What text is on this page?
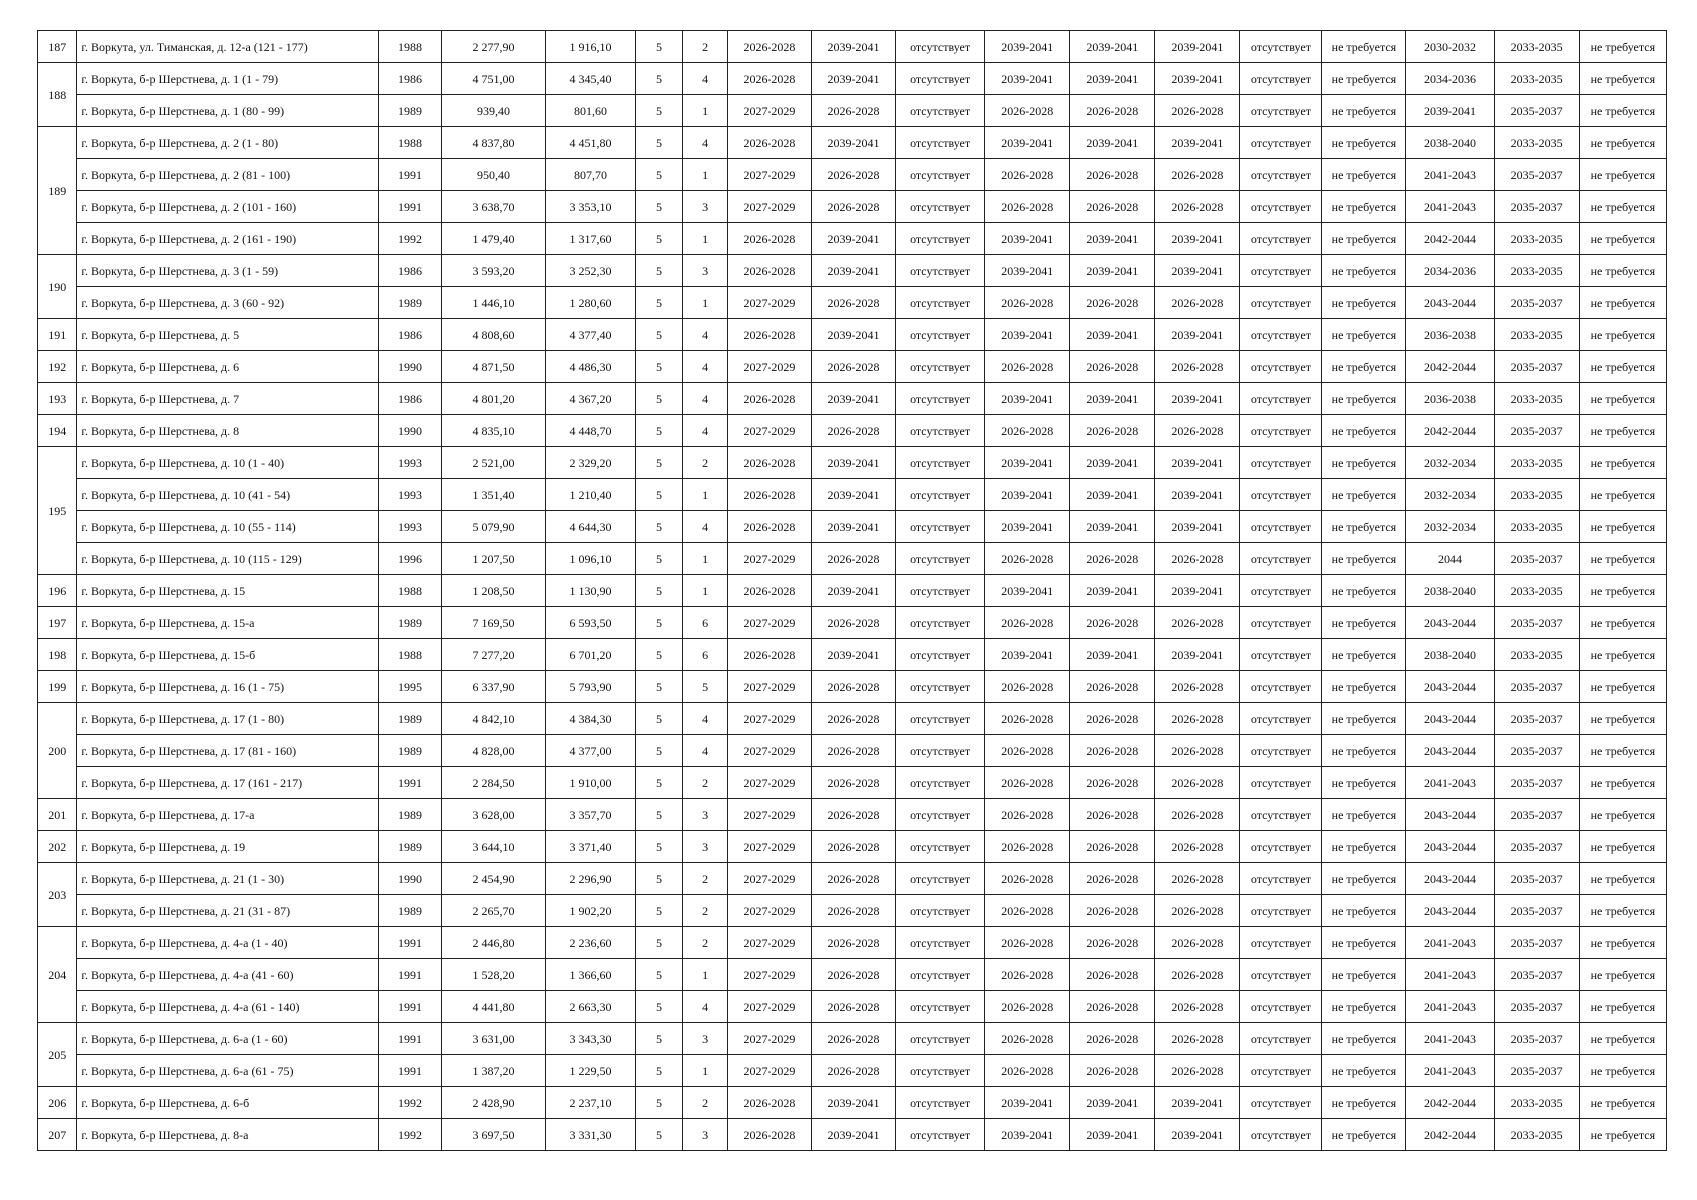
187	г. Воркута, ул. Тиманская, д. 12-а (121 - 177)	1988	2 277,90	1 916,10	5	2	2026-2028	2039-2041	отсутствует	2039-2041	2039-2041	2039-2041	отсутствует	не требуется	2030-2032	2033-2035	не требуется
188	г. Воркута, б-р Шерстнева, д. 1 (1 - 79)	1986	4 751,00	4 345,40	5	4	2026-2028	2039-2041	отсутствует	2039-2041	2039-2041	2039-2041	отсутствует	не требуется	2034-2036	2033-2035	не требуется
	г. Воркута, б-р Шерстнева, д. 1 (80 - 99)	1989	939,40	801,60	5	1	2027-2029	2026-2028	отсутствует	2026-2028	2026-2028	2026-2028	отсутствует	не требуется	2039-2041	2035-2037	не требуется
189	г. Воркута, б-р Шерстнева, д. 2 (1 - 80)	1988	4 837,80	4 451,80	5	4	2026-2028	2039-2041	отсутствует	2039-2041	2039-2041	2039-2041	отсутствует	не требуется	2038-2040	2033-2035	не требуется
	г. Воркута, б-р Шерстнева, д. 2 (81 - 100)	1991	950,40	807,70	5	1	2027-2029	2026-2028	отсутствует	2026-2028	2026-2028	2026-2028	отсутствует	не требуется	2041-2043	2035-2037	не требуется
	г. Воркута, б-р Шерстнева, д. 2 (101 - 160)	1991	3 638,70	3 353,10	5	3	2027-2029	2026-2028	отсутствует	2026-2028	2026-2028	2026-2028	отсутствует	не требуется	2041-2043	2035-2037	не требуется
	г. Воркута, б-р Шерстнева, д. 2 (161 - 190)	1992	1 479,40	1 317,60	5	1	2026-2028	2039-2041	отсутствует	2039-2041	2039-2041	2039-2041	отсутствует	не требуется	2042-2044	2033-2035	не требуется
190	г. Воркута, б-р Шерстнева, д. 3 (1 - 59)	1986	3 593,20	3 252,30	5	3	2026-2028	2039-2041	отсутствует	2039-2041	2039-2041	2039-2041	отсутствует	не требуется	2034-2036	2033-2035	не требуется
	г. Воркута, б-р Шерстнева, д. 3 (60 - 92)	1989	1 446,10	1 280,60	5	1	2027-2029	2026-2028	отсутствует	2026-2028	2026-2028	2026-2028	отсутствует	не требуется	2043-2044	2035-2037	не требуется
191	г. Воркута, б-р Шерстнева, д. 5	1986	4 808,60	4 377,40	5	4	2026-2028	2039-2041	отсутствует	2039-2041	2039-2041	2039-2041	отсутствует	не требуется	2036-2038	2033-2035	не требуется
192	г. Воркута, б-р Шерстнева, д. 6	1990	4 871,50	4 486,30	5	4	2027-2029	2026-2028	отсутствует	2026-2028	2026-2028	2026-2028	отсутствует	не требуется	2042-2044	2035-2037	не требуется
193	г. Воркута, б-р Шерстнева, д. 7	1986	4 801,20	4 367,20	5	4	2026-2028	2039-2041	отсутствует	2039-2041	2039-2041	2039-2041	отсутствует	не требуется	2036-2038	2033-2035	не требуется
194	г. Воркута, б-р Шерстнева, д. 8	1990	4 835,10	4 448,70	5	4	2027-2029	2026-2028	отсутствует	2026-2028	2026-2028	2026-2028	отсутствует	не требуется	2042-2044	2035-2037	не требуется
195	г. Воркута, б-р Шерстнева, д. 10 (1 - 40)	1993	2 521,00	2 329,20	5	2	2026-2028	2039-2041	отсутствует	2039-2041	2039-2041	2039-2041	отсутствует	не требуется	2032-2034	2033-2035	не требуется
	г. Воркута, б-р Шерстнева, д. 10 (41 - 54)	1993	1 351,40	1 210,40	5	1	2026-2028	2039-2041	отсутствует	2039-2041	2039-2041	2039-2041	отсутствует	не требуется	2032-2034	2033-2035	не требуется
	г. Воркута, б-р Шерстнева, д. 10 (55 - 114)	1993	5 079,90	4 644,30	5	4	2026-2028	2039-2041	отсутствует	2039-2041	2039-2041	2039-2041	отсутствует	не требуется	2032-2034	2033-2035	не требуется
	г. Воркута, б-р Шерстнева, д. 10 (115 - 129)	1996	1 207,50	1 096,10	5	1	2027-2029	2026-2028	отсутствует	2026-2028	2026-2028	2026-2028	отсутствует	не требуется	2044	2035-2037	не требуется
196	г. Воркута, б-р Шерстнева, д. 15	1988	1 208,50	1 130,90	5	1	2026-2028	2039-2041	отсутствует	2039-2041	2039-2041	2039-2041	отсутствует	не требуется	2038-2040	2033-2035	не требуется
197	г. Воркута, б-р Шерстнева, д. 15-а	1989	7 169,50	6 593,50	5	6	2027-2029	2026-2028	отсутствует	2026-2028	2026-2028	2026-2028	отсутствует	не требуется	2043-2044	2035-2037	не требуется
198	г. Воркута, б-р Шерстнева, д. 15-б	1988	7 277,20	6 701,20	5	6	2026-2028	2039-2041	отсутствует	2039-2041	2039-2041	2039-2041	отсутствует	не требуется	2038-2040	2033-2035	не требуется
199	г. Воркута, б-р Шерстнева, д. 16 (1 - 75)	1995	6 337,90	5 793,90	5	5	2027-2029	2026-2028	отсутствует	2026-2028	2026-2028	2026-2028	отсутствует	не требуется	2043-2044	2035-2037	не требуется
200	г. Воркута, б-р Шерстнева, д. 17 (1 - 80)	1989	4 842,10	4 384,30	5	4	2027-2029	2026-2028	отсутствует	2026-2028	2026-2028	2026-2028	отсутствует	не требуется	2043-2044	2035-2037	не требуется
	г. Воркута, б-р Шерстнева, д. 17 (81 - 160)	1989	4 828,00	4 377,00	5	4	2027-2029	2026-2028	отсутствует	2026-2028	2026-2028	2026-2028	отсутствует	не требуется	2043-2044	2035-2037	не требуется
	г. Воркута, б-р Шерстнева, д. 17 (161 - 217)	1991	2 284,50	1 910,00	5	2	2027-2029	2026-2028	отсутствует	2026-2028	2026-2028	2026-2028	отсутствует	не требуется	2041-2043	2035-2037	не требуется
201	г. Воркута, б-р Шерстнева, д. 17-а	1989	3 628,00	3 357,70	5	3	2027-2029	2026-2028	отсутствует	2026-2028	2026-2028	2026-2028	отсутствует	не требуется	2043-2044	2035-2037	не требуется
202	г. Воркута, б-р Шерстнева, д. 19	1989	3 644,10	3 371,40	5	3	2027-2029	2026-2028	отсутствует	2026-2028	2026-2028	2026-2028	отсутствует	не требуется	2043-2044	2035-2037	не требуется
203	г. Воркута, б-р Шерстнева, д. 21 (1 - 30)	1990	2 454,90	2 296,90	5	2	2027-2029	2026-2028	отсутствует	2026-2028	2026-2028	2026-2028	отсутствует	не требуется	2043-2044	2035-2037	не требуется
	г. Воркута, б-р Шерстнева, д. 21 (31 - 87)	1989	2 265,70	1 902,20	5	2	2027-2029	2026-2028	отсутствует	2026-2028	2026-2028	2026-2028	отсутствует	не требуется	2043-2044	2035-2037	не требуется
204	г. Воркута, б-р Шерстнева, д. 4-а (1 - 40)	1991	2 446,80	2 236,60	5	2	2027-2029	2026-2028	отсутствует	2026-2028	2026-2028	2026-2028	отсутствует	не требуется	2041-2043	2035-2037	не требуется
	г. Воркута, б-р Шерстнева, д. 4-а (41 - 60)	1991	1 528,20	1 366,60	5	1	2027-2029	2026-2028	отсутствует	2026-2028	2026-2028	2026-2028	отсутствует	не требуется	2041-2043	2035-2037	не требуется
	г. Воркута, б-р Шерстнева, д. 4-а (61 - 140)	1991	4 441,80	2 663,30	5	4	2027-2029	2026-2028	отсутствует	2026-2028	2026-2028	2026-2028	отсутствует	не требуется	2041-2043	2035-2037	не требуется
205	г. Воркута, б-р Шерстнева, д. 6-а (1 - 60)	1991	3 631,00	3 343,30	5	3	2027-2029	2026-2028	отсутствует	2026-2028	2026-2028	2026-2028	отсутствует	не требуется	2041-2043	2035-2037	не требуется
	г. Воркута, б-р Шерстнева, д. 6-а (61 - 75)	1991	1 387,20	1 229,50	5	1	2027-2029	2026-2028	отсутствует	2026-2028	2026-2028	2026-2028	отсутствует	не требуется	2041-2043	2035-2037	не требуется
206	г. Воркута, б-р Шерстнева, д. 6-б	1992	2 428,90	2 237,10	5	2	2026-2028	2039-2041	отсутствует	2039-2041	2039-2041	2039-2041	отсутствует	не требуется	2042-2044	2033-2035	не требуется
207	г. Воркута, б-р Шерстнева, д. 8-а	1992	3 697,50	3 331,30	5	3	2026-2028	2039-2041	отсутствует	2039-2041	2039-2041	2039-2041	отсутствует	не требуется	2042-2044	2033-2035	не требуется
